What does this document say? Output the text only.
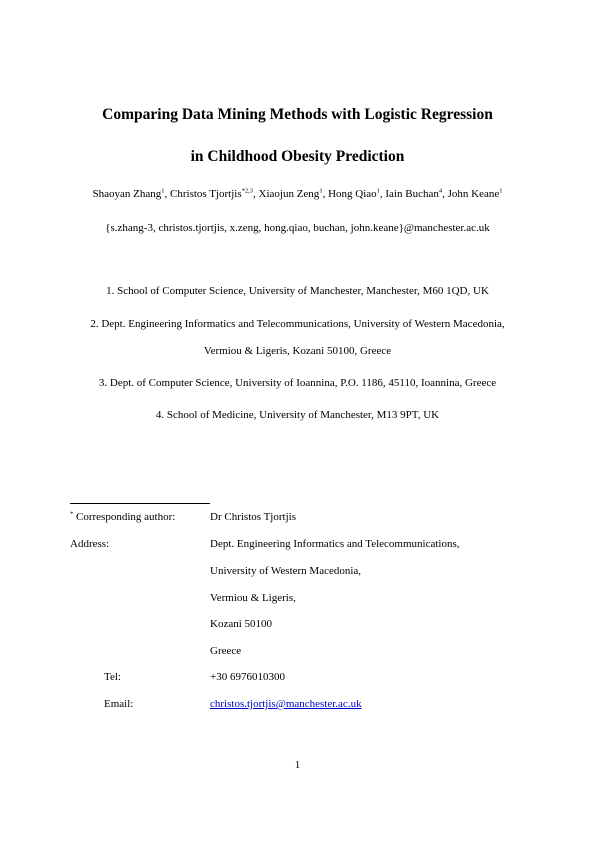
Comparing Data Mining Methods with Logistic Regression
in Childhood Obesity Prediction
Shaoyan Zhang$^1$, Christos Tjortjis$^{*2,3}$, Xiaojun Zeng$^1$, Hong Qiao$^1$, Iain Buchan$^4$, John Keane$^1$
{s.zhang-3, christos.tjortjis, x.zeng, hong.qiao, buchan, john.keane}@manchester.ac.uk
1. School of Computer Science, University of Manchester, Manchester, M60 1QD, UK
2. Dept. Engineering Informatics and Telecommunications, University of Western Macedonia,
Vermiou & Ligeris, Kozani 50100, Greece
3. Dept. of Computer Science, University of Ioannina, P.O. 1186, 45110, Ioannina, Greece
4. School of Medicine, University of Manchester, M13 9PT, UK
* Corresponding author:	Dr Christos Tjortjis
Address:	Dept. Engineering Informatics and Telecommunications,
University of Western Macedonia,
Vermiou & Ligeris,
Kozani 50100
Greece
Tel:	+30 6976010300
Email:	christos.tjortjis@manchester.ac.uk
1
